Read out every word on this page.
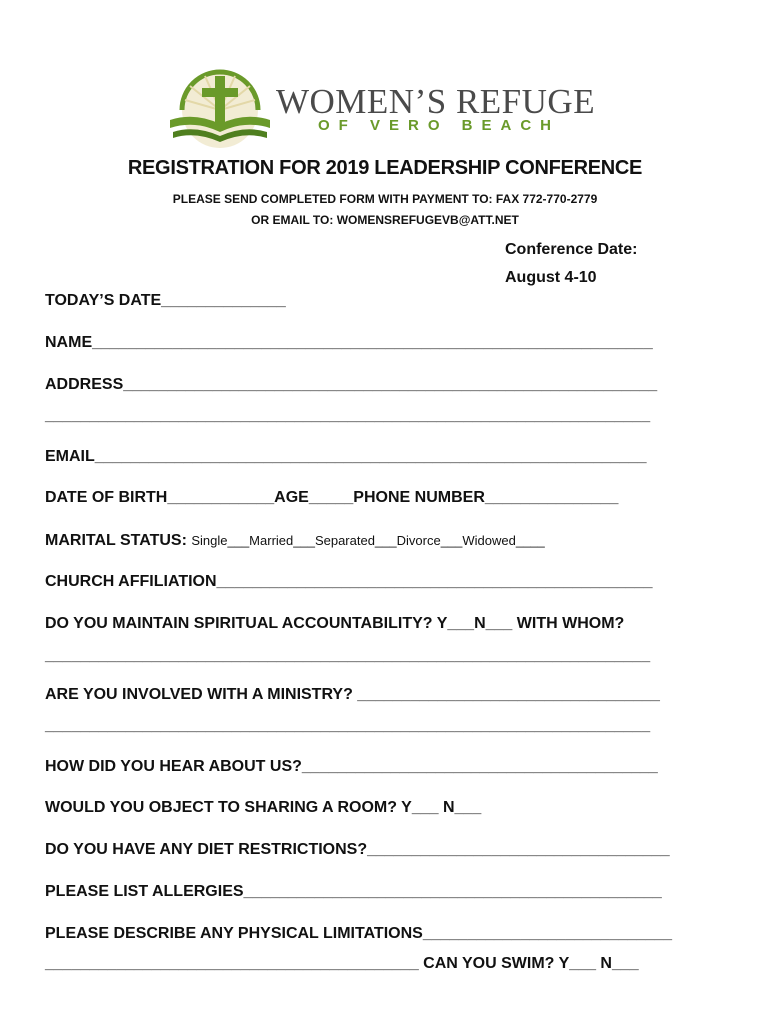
WOMEN’S REFUGE
OF VERO BEACH
REGISTRATION FOR 2019 LEADERSHIP CONFERENCE
PLEASE SEND COMPLETED FORM WITH PAYMENT TO: FAX 772-770-2779
OR EMAIL TO: WOMENSREFUGEVB@ATT.NET
Conference Date:
August 4-10
TODAY’S DATE______________
NAME_______________________________________________________________
ADDRESS____________________________________________________________
____________________________________________________________________
EMAIL______________________________________________________________
DATE OF BIRTH____________AGE_____PHONE NUMBER_______________
MARITAL STATUS: Single___Married___Separated___Divorce___Widowed____
CHURCH AFFILIATION_________________________________________________
DO YOU MAINTAIN SPIRITUAL ACCOUNTABILITY? Y___N___ WITH WHOM?
____________________________________________________________________
ARE YOU INVOLVED WITH A MINISTRY? __________________________________
____________________________________________________________________
HOW DID YOU HEAR ABOUT US?________________________________________
WOULD YOU OBJECT TO SHARING A ROOM? Y___ N___
DO YOU HAVE ANY DIET RESTRICTIONS?__________________________________
PLEASE LIST ALLERGIES_______________________________________________
PLEASE DESCRIBE ANY PHYSICAL LIMITATIONS____________________________
__________________________________________ CAN YOU SWIM? Y___ N___
